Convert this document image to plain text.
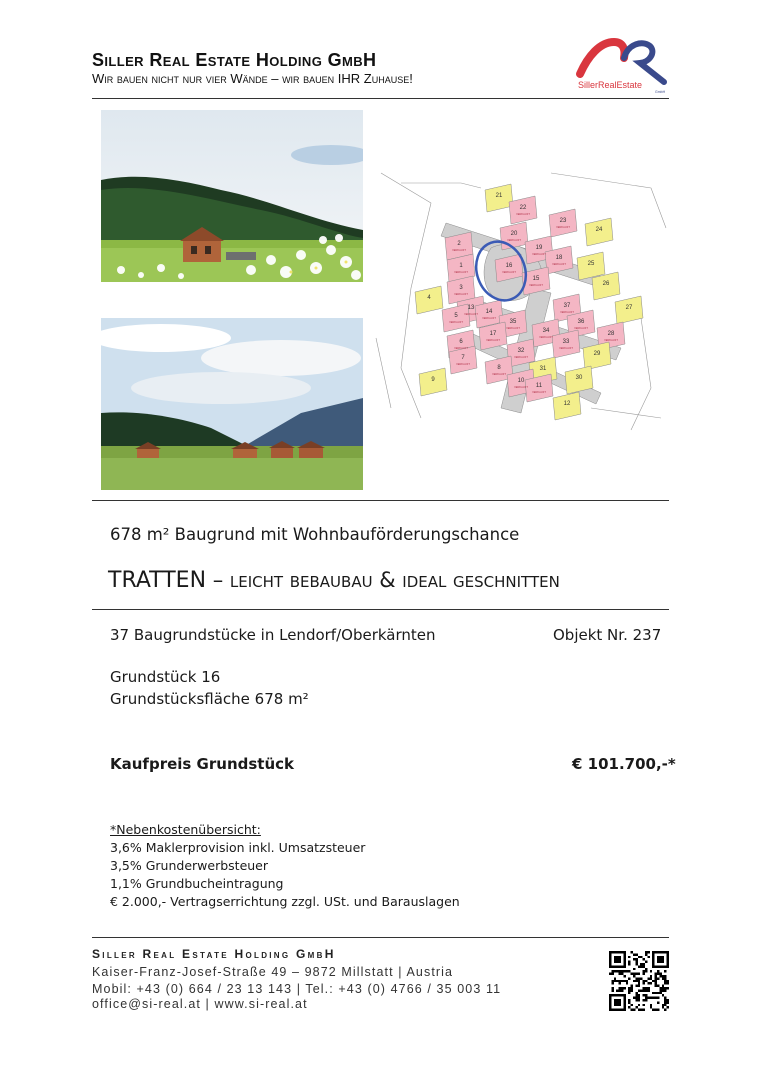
Siller Real Estate Holding GmbH
Wir bauen nicht nur vier Wände – wir bauen IHR Zuhause!	SillerRealEstate
GmbH
21
22
VERKAUFT
23
VERKAUFT	24
20
VERKAUFT
19
VERKAUFT
18
VERKAUFT	25
2
VERKAUFT
16
VERKAUFT
1
VERKAUFT
15
VERKAUFT	26
3
VERKAUFT
13
VERKAUFT 14
VERKAUFT
37
VERKAUFT
27
36
VERKAUFT
28
VERKAUFT
4
35
VERKAUFT	34
VERKAUFT
33
VERKAUFT
5
VERKAUFT
32
VERKAUFT
29
6
VERKAUFT
7
VERKAUFT
31
30
8
VERKAUFT
10
VERKAUFT 11
VERKAUFT
9
12
17
VERKAUFT
678 m² Baugrund mit Wohnbauförderungschance
TRATTEN – leicht bebaubau & ideal geschnitten
37 Baugrundstücke in Lendorf/Oberkärnten	Objekt Nr. 237
Grundstück 16
Grundstücksfläche 678 m²
Kaufpreis Grundstück	€ 101.700,-*
*Nebenkostenübersicht:
3,6% Maklerprovision inkl. Umsatzsteuer
3,5% Grunderwerbsteuer
1,1% Grundbucheintragung
€ 2.000,- Vertragserrichtung zzgl. USt. und Barauslagen
Siller Real Estate Holding GmbH
Kaiser-Franz-Josef-Straße 49 – 9872 Millstatt | Austria
Mobil: +43 (0) 664 / 23 13 143 | Tel.: +43 (0) 4766 / 35 003 11
office@si-real.at | www.si-real.at
